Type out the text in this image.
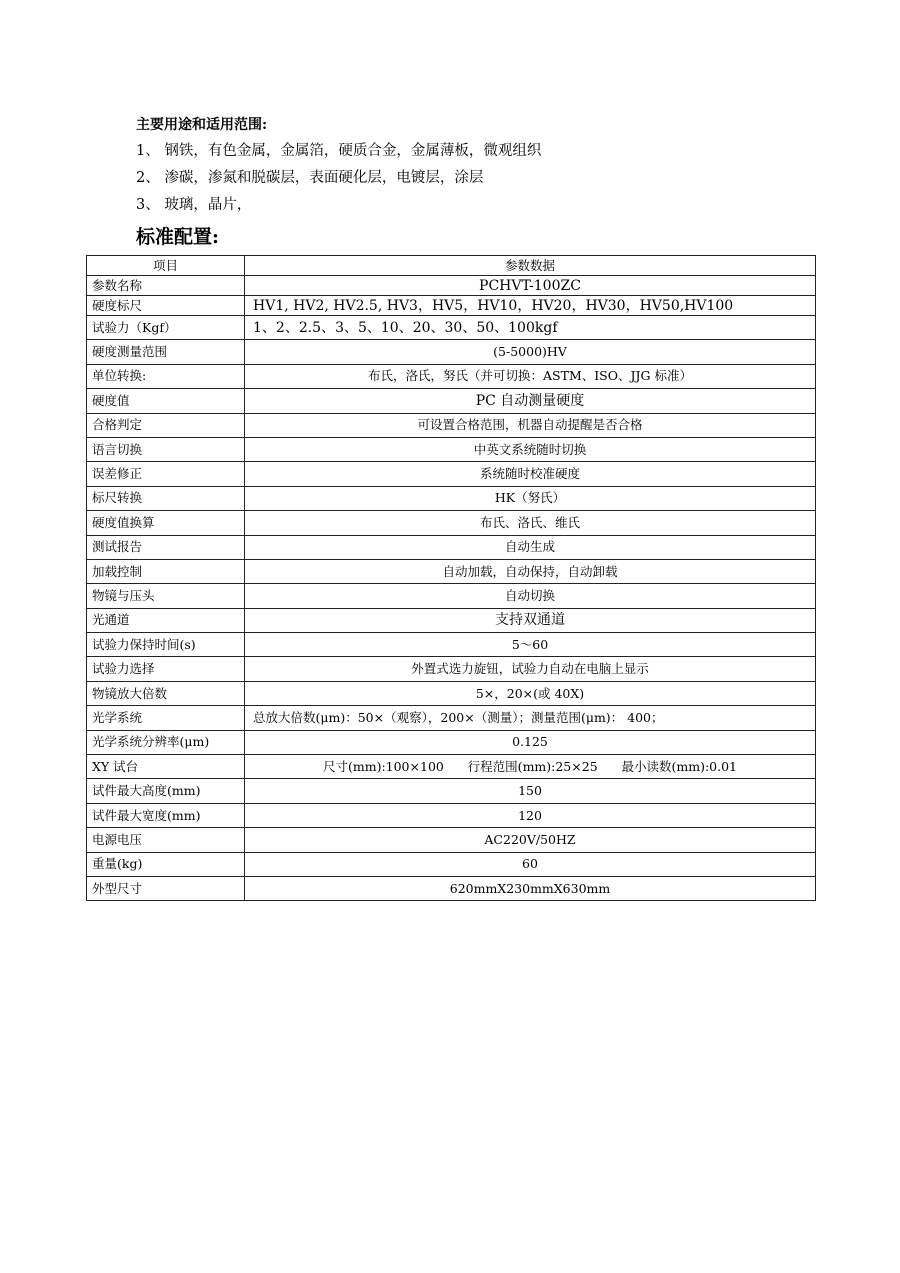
主要用途和适用范围:
1、 钢铁，有色金属，金属箔，硬质合金，金属薄板，微观组织
2、 渗碳，渗氮和脱碳层，表面硬化层，电镀层，涂层
3、 玻璃，晶片，
标准配置:
项目	参数数据
参数名称	PCHVT-100ZC
硬度标尺	HV1, HV2, HV2.5, HV3，HV5，HV10，HV20，HV30，HV50,HV100
试验力（Kgf）	1、2、2.5、3、5、10、20、30、50、100kgf
硬度测量范围	(5-5000)HV
单位转换:	布氏，洛氏，努氏（并可切换：ASTM、ISO、JJG 标准）
硬度值	PC 自动测量硬度
合格判定	可设置合格范围，机器自动提醒是否合格
语言切换	中英文系统随时切换
误差修正	系统随时校准硬度
标尺转换	HK（努氏）
硬度值换算	布氏、洛氏、维氏
测试报告	自动生成
加载控制	自动加载，自动保持，自动卸载
物镜与压头	自动切换
光通道	支持双通道
试验力保持时间(s)	5～60
试验力选择	外置式选力旋钮，试验力自动在电脑上显示
物镜放大倍数	5×，20×(或 40X)
光学系统	总放大倍数(μm)：50×（观察），200×（测量）；测量范围(μm)： 400；
光学系统分辨率(μm)	0.125
XY 试台	尺寸(mm):100×100      行程范围(mm):25×25      最小读数(mm):0.01
试件最大高度(mm)	150
试件最大宽度(mm)	120
电源电压	AC220V/50HZ
重量(kg)	60
外型尺寸	620mmX230mmX630mm
